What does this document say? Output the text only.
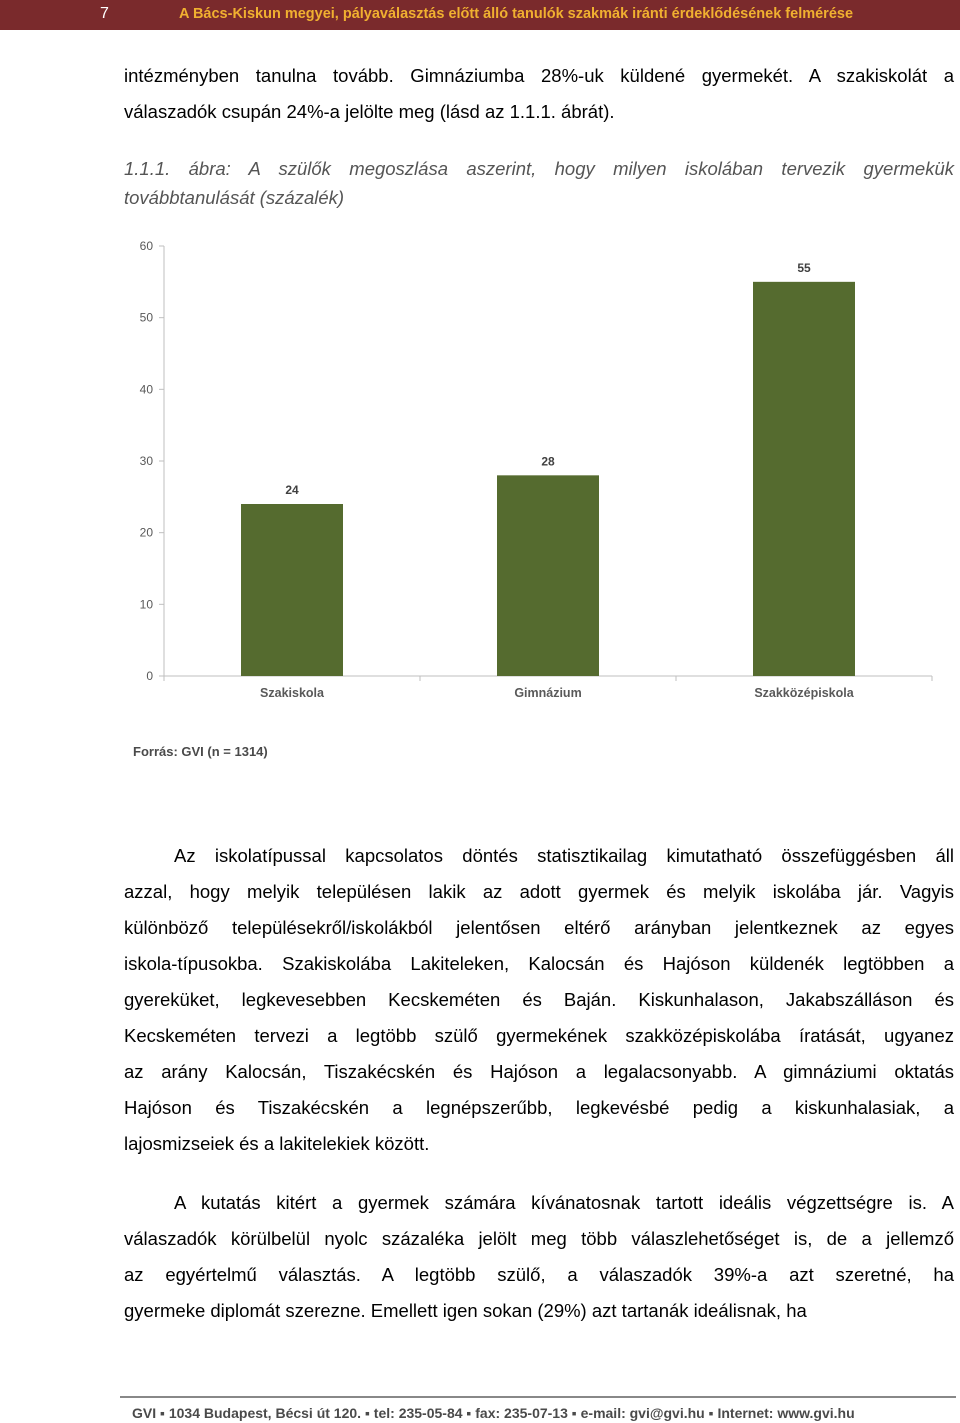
7	A Bács-Kiskun megyei, pályaválasztás előtt álló tanulók szakmák iránti érdeklődésének felmérése
intézményben tanulna tovább. Gimnáziumba 28%-uk küldené gyermekét. A szakiskolát a
válaszadók csupán 24%-a jelölte meg (lásd az 1.1.1. ábrát).
1.1.1. ábra: A szülők megoszlása aszerint, hogy milyen iskolában tervezik gyermekük
továbbtanulását (százalék)
0
10
20
30
40
50
60
24
Szakiskola
28
Gimnázium
55
Szakközépiskola
Forrás: GVI (n = 1314)
Az iskolatípussal kapcsolatos döntés statisztikailag kimutatható összefüggésben áll
azzal, hogy melyik településen lakik az adott gyermek és melyik iskolába jár. Vagyis
különböző településekről/iskolákból jelentősen eltérő arányban jelentkeznek az egyes
iskola-típusokba. Szakiskolába Lakiteleken, Kalocsán és Hajóson küldenék legtöbben a
gyereküket, legkevesebben Kecskeméten és Baján. Kiskunhalason, Jakabszálláson és
Kecskeméten tervezi a legtöbb szülő gyermekének szakközépiskolába íratását, ugyanez
az arány Kalocsán, Tiszakécskén és Hajóson a legalacsonyabb. A gimnáziumi oktatás
Hajóson és Tiszakécskén a legnépszerűbb, legkevésbé pedig a kiskunhalasiak, a
lajosmizseiek és a lakitelekiek között.
A kutatás kitért a gyermek számára kívánatosnak tartott ideális végzettségre is. A
válaszadók körülbelül nyolc százaléka jelölt meg több válaszlehetőséget is, de a jellemző
az egyértelmű választás. A legtöbb szülő, a válaszadók 39%-a azt szeretné, ha
gyermeke diplomát szerezne. Emellett igen sokan (29%) azt tartanák ideálisnak, ha
GVI ▪ 1034 Budapest, Bécsi út 120. ▪ tel: 235-05-84 ▪ fax: 235-07-13 ▪ e-mail: gvi@gvi.hu ▪ Internet: www.gvi.hu
